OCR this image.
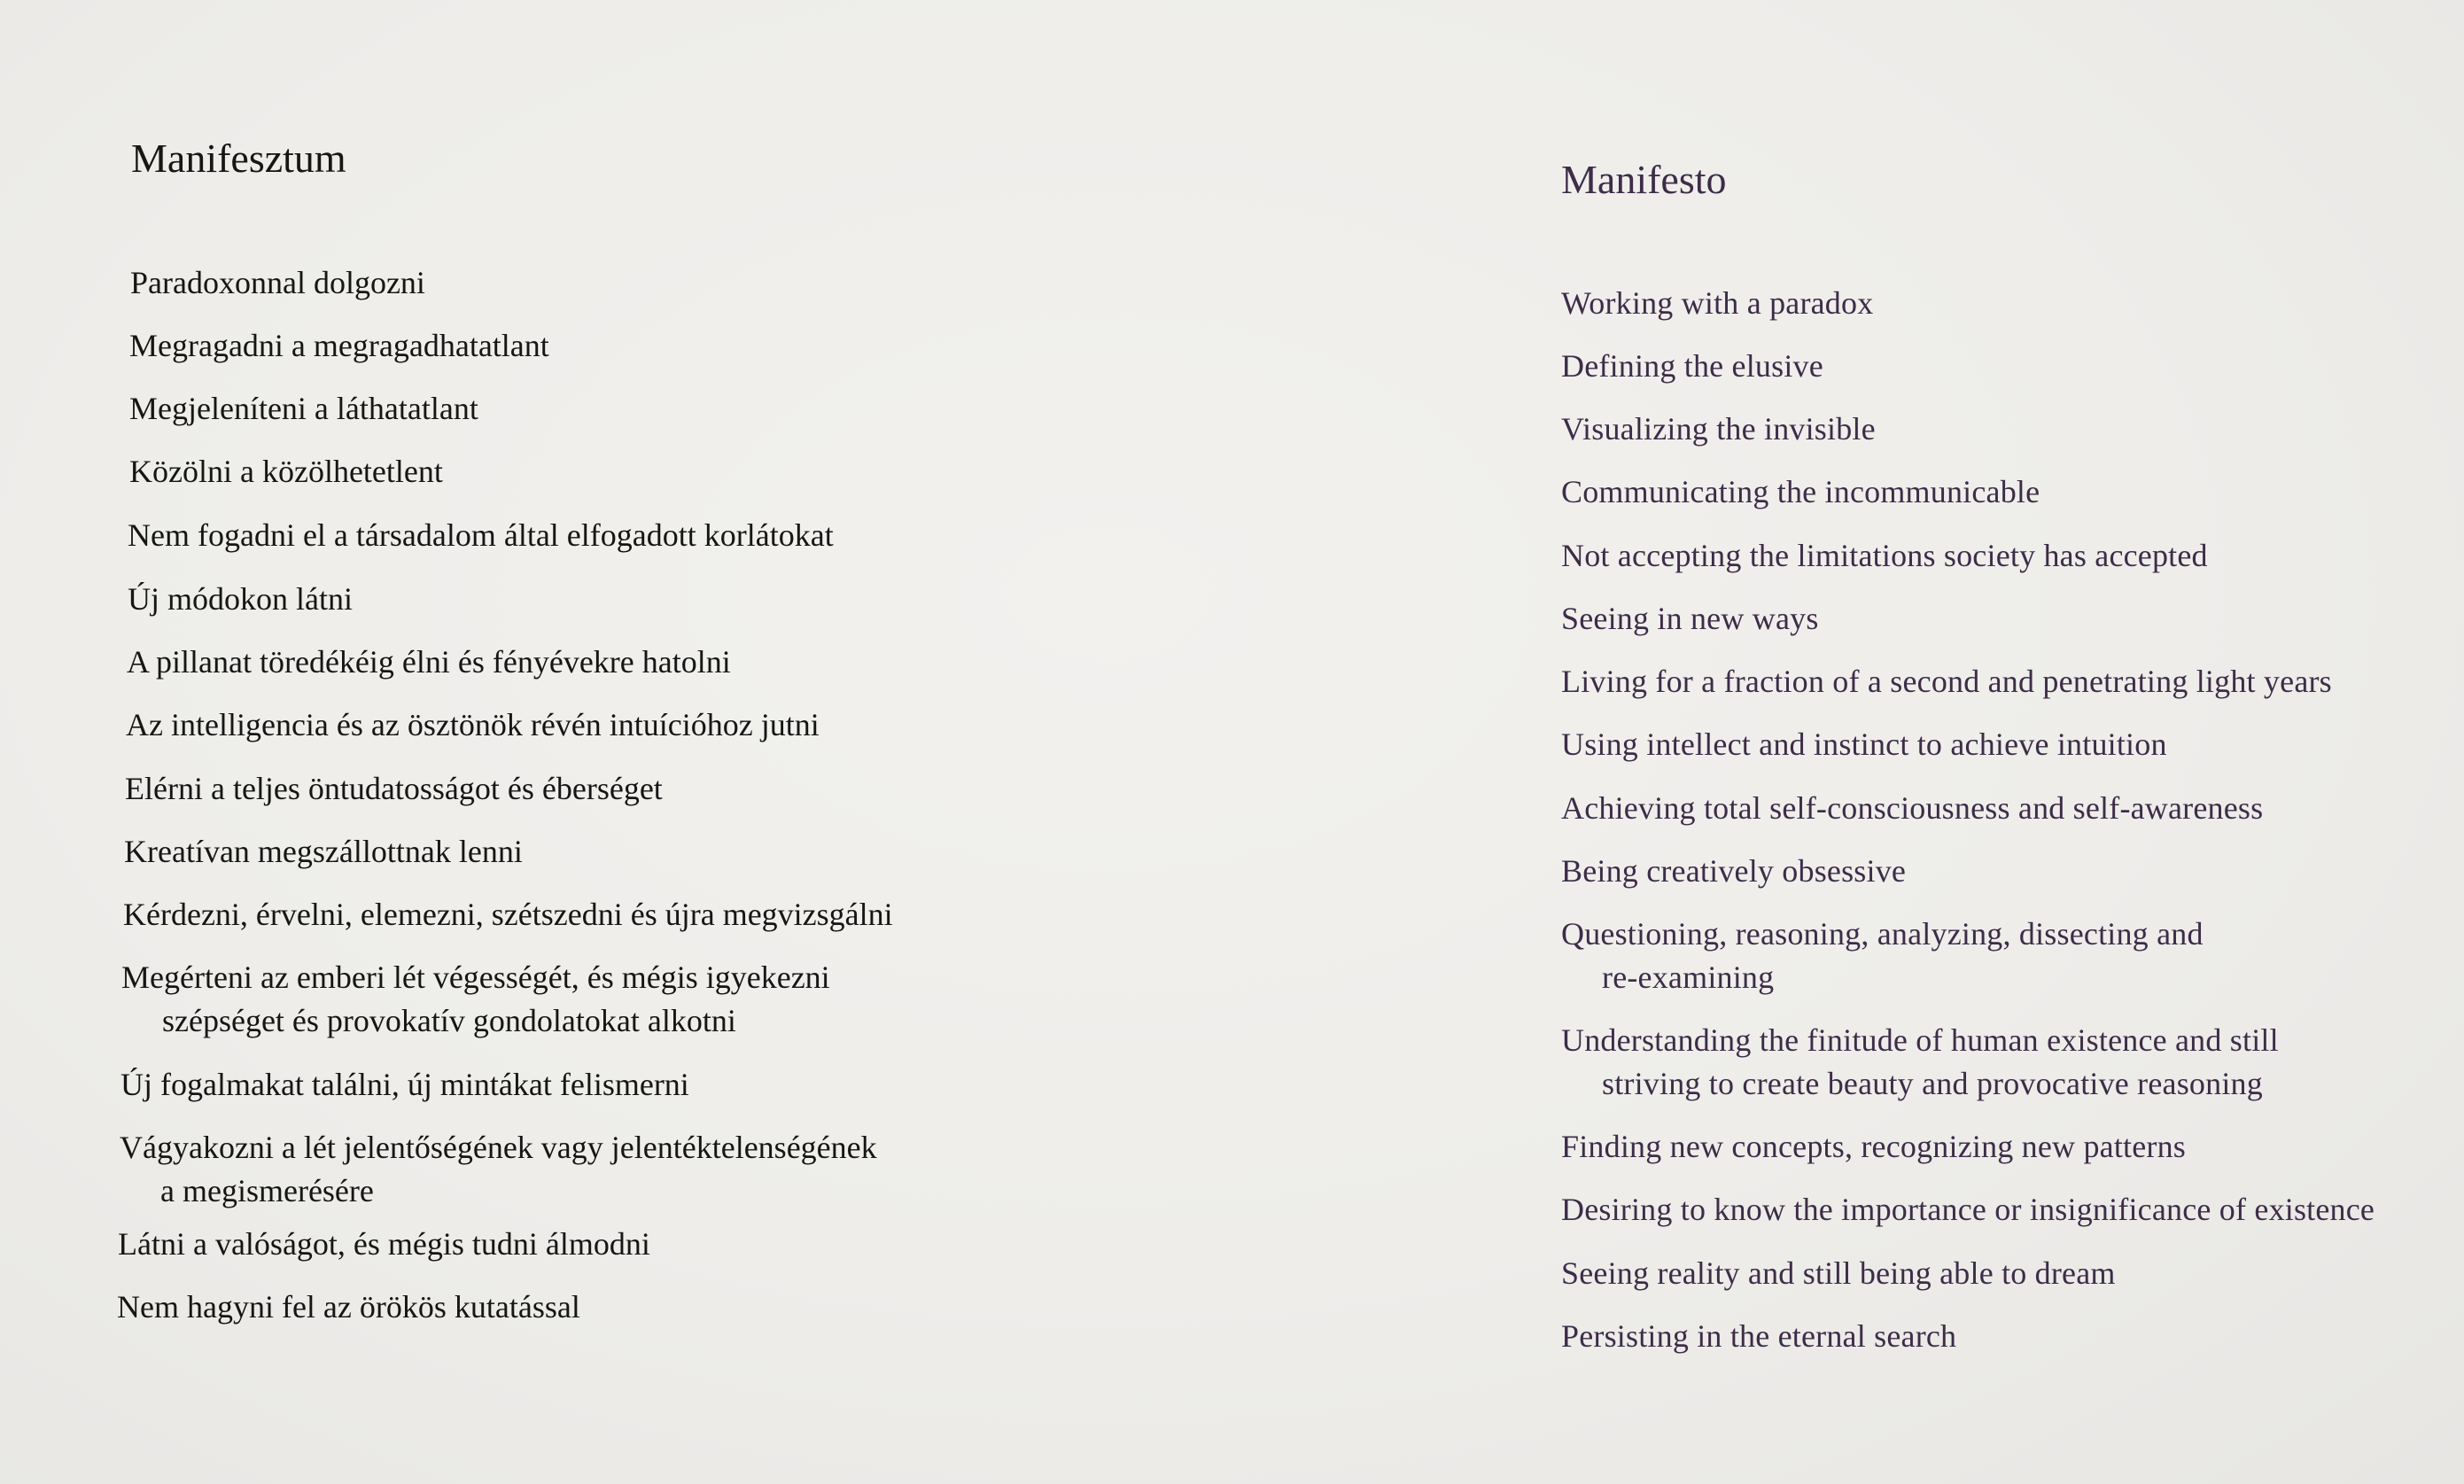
Manifesztum
Paradoxonnal dolgozni
Megragadni a megragadhatatlant
Megjeleníteni a láthatatlant
Közölni a közölhetetlent
Nem fogadni el a társadalom által elfogadott korlátokat
Új módokon látni
A pillanat töredékéig élni és fényévekre hatolni
Az intelligencia és az ösztönök révén intuícióhoz jutni
Elérni a teljes öntudatosságot és éberséget
Kreatívan megszállottnak lenni
Kérdezni, érvelni, elemezni, szétszedni és újra megvizsgálni
Megérteni az emberi lét végességét, és mégis igyekezni
szépséget és provokatív gondolatokat alkotni
Új fogalmakat találni, új mintákat felismerni
Vágyakozni a lét jelentőségének vagy jelentéktelenségének
a megismerésére
Látni a valóságot, és mégis tudni álmodni
Nem hagyni fel az örökös kutatással
Manifesto
Working with a paradox
Defining the elusive
Visualizing the invisible
Communicating the incommunicable
Not accepting the limitations society has accepted
Seeing in new ways
Living for a fraction of a second and penetrating light years
Using intellect and instinct to achieve intuition
Achieving total self-consciousness and self-awareness
Being creatively obsessive
Questioning, reasoning, analyzing, dissecting and
re-examining
Understanding the finitude of human existence and still
striving to create beauty and provocative reasoning
Finding new concepts, recognizing new patterns
Desiring to know the importance or insignificance of existence
Seeing reality and still being able to dream
Persisting in the eternal search
